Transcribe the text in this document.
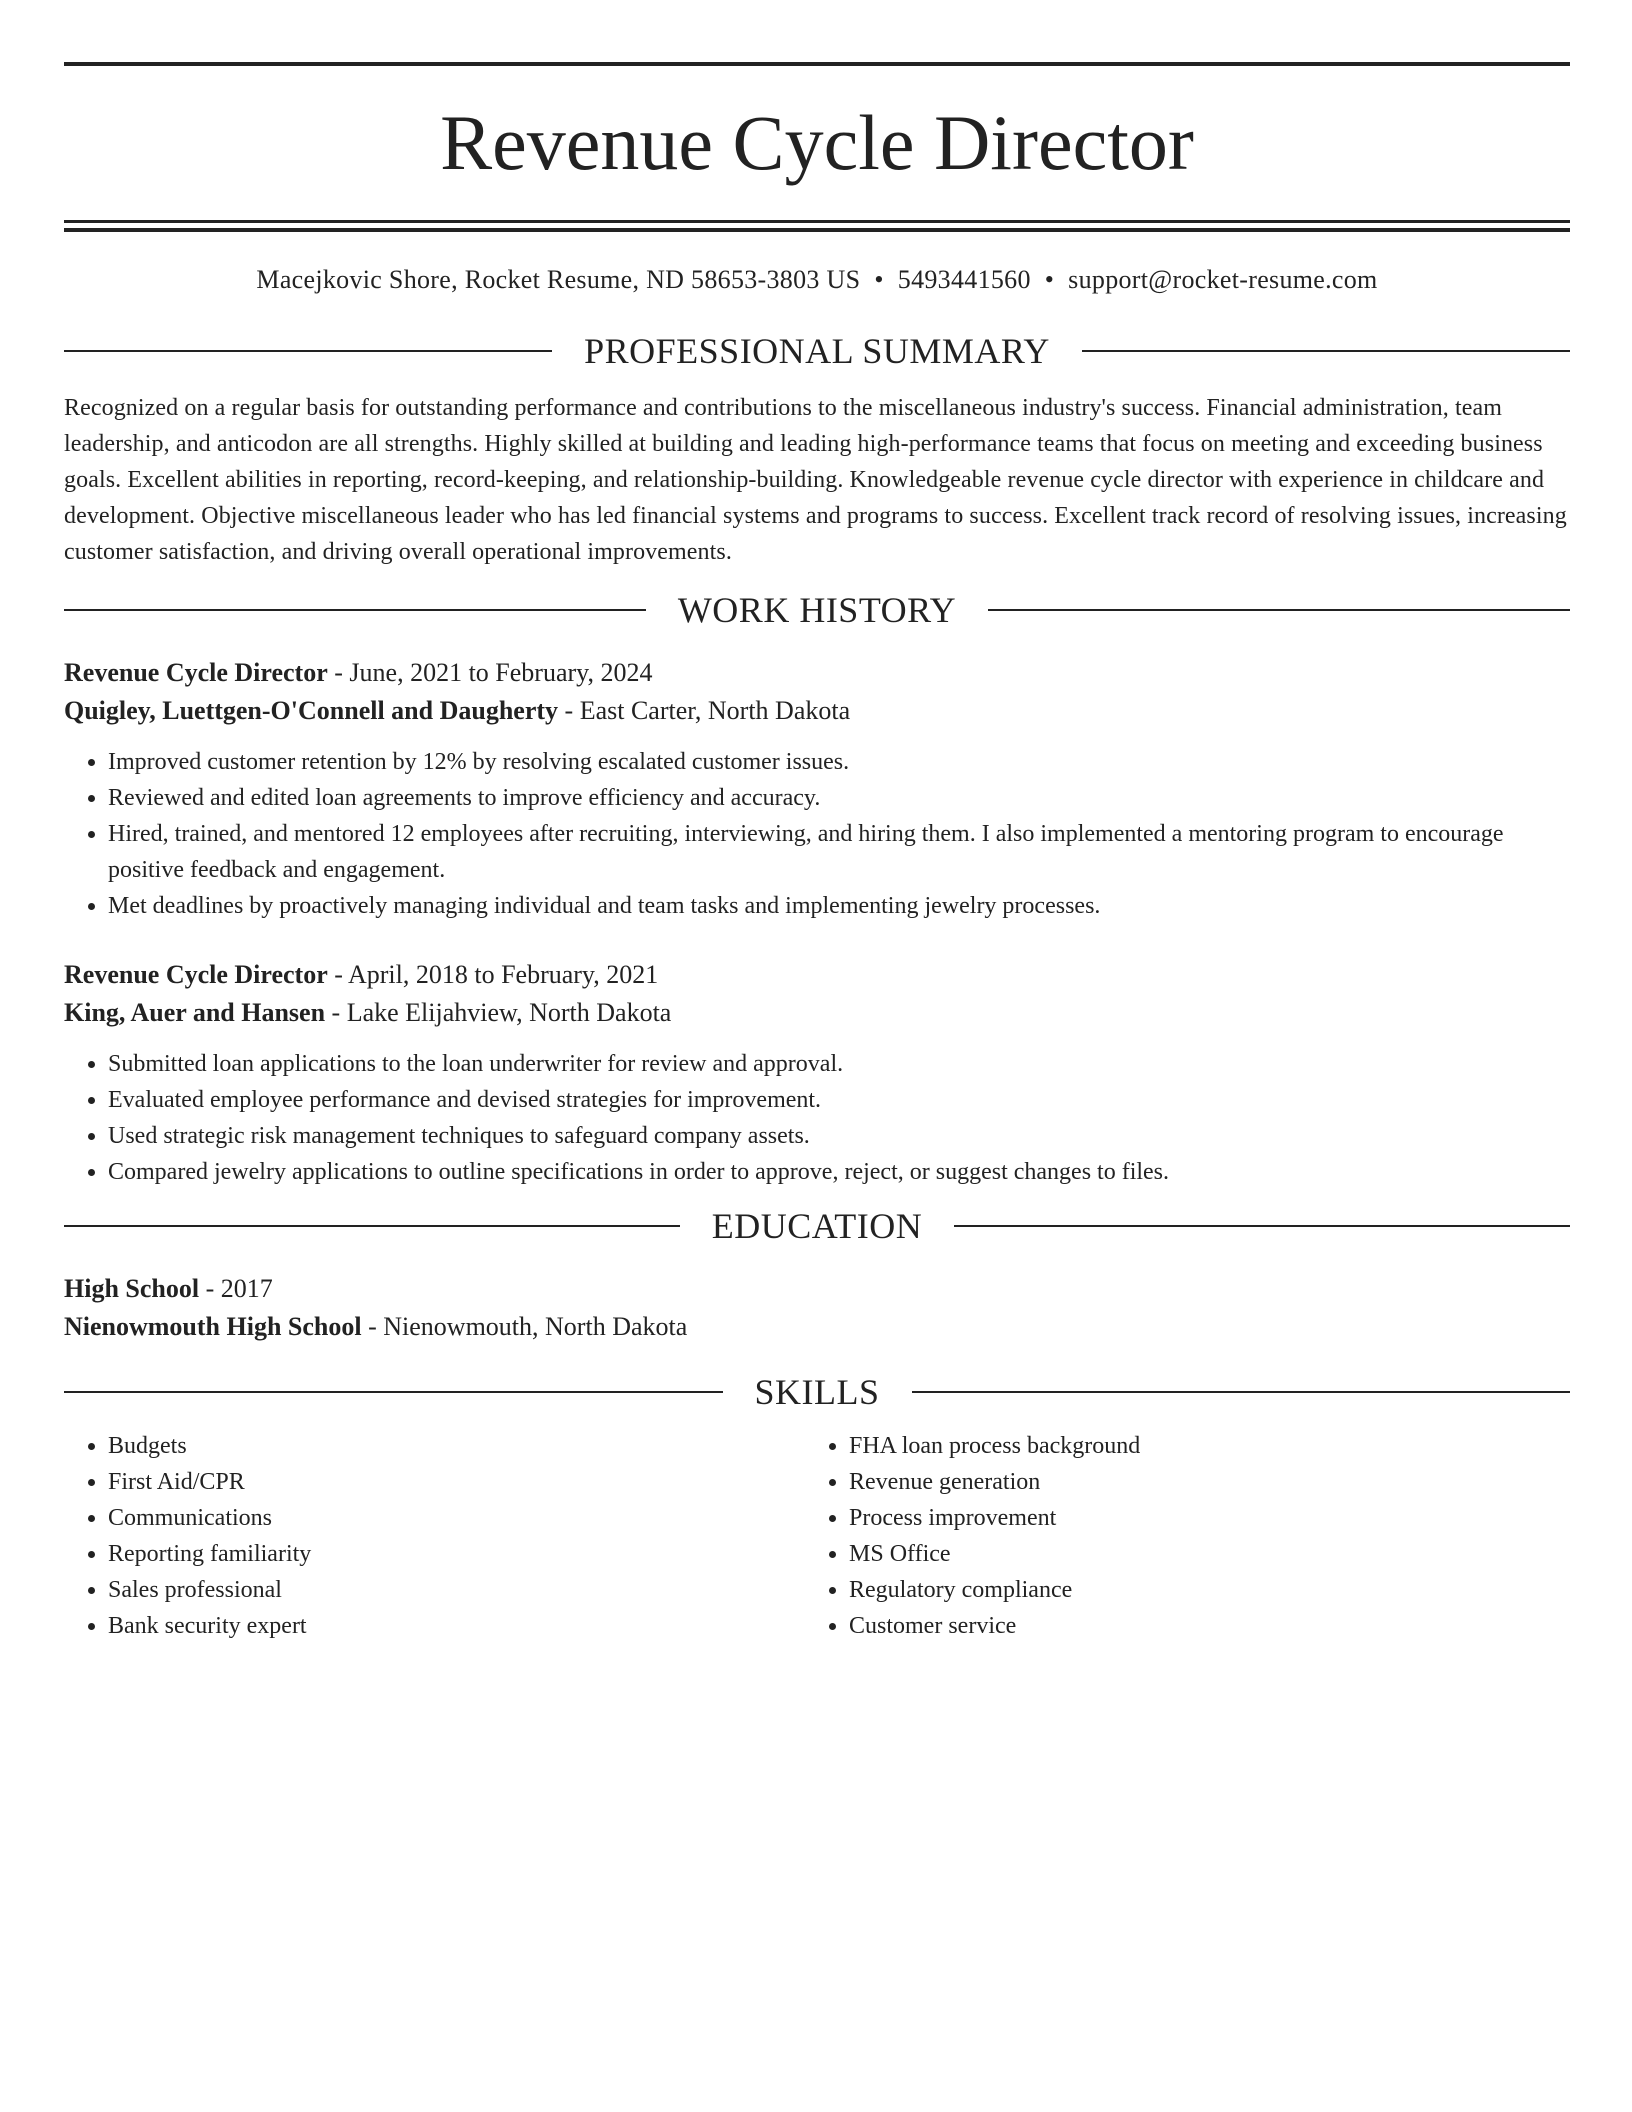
Revenue Cycle Director
Macejkovic Shore, Rocket Resume, ND 58653-3803 US • 5493441560 • support@rocket-resume.com
PROFESSIONAL SUMMARY

Recognized on a regular basis for outstanding performance and contributions to the miscellaneous industry's success. Financial administration, team leadership, and anticodon are all strengths. Highly skilled at building and leading high-performance teams that focus on meeting and exceeding business goals. Excellent abilities in reporting, record-keeping, and relationship-building. Knowledgeable revenue cycle director with experience in childcare and development. Objective miscellaneous leader who has led financial systems and programs to success. Excellent track record of resolving issues, increasing customer satisfaction, and driving overall operational improvements.

WORK HISTORY
Revenue Cycle Director - June, 2021 to February, 2024
Quigley, Luettgen-O'Connell and Daugherty - East Carter, North Dakota
• Improved customer retention by 12% by resolving escalated customer issues.
• Reviewed and edited loan agreements to improve efficiency and accuracy.
• Hired, trained, and mentored 12 employees after recruiting, interviewing, and hiring them. I also implemented a mentoring program to encourage positive feedback and engagement.
• Met deadlines by proactively managing individual and team tasks and implementing jewelry processes.
Revenue Cycle Director - April, 2018 to February, 2021
King, Auer and Hansen - Lake Elijahview, North Dakota
• Submitted loan applications to the loan underwriter for review and approval.
• Evaluated employee performance and devised strategies for improvement.
• Used strategic risk management techniques to safeguard company assets.
• Compared jewelry applications to outline specifications in order to approve, reject, or suggest changes to files.
EDUCATION
High School - 2017
Nienowmouth High School - Nienowmouth, North Dakota
SKILLS
• Budgets
• First Aid/CPR
• Communications
• Reporting familiarity
• Sales professional
• Bank security expert
• FHA loan process background
• Revenue generation
• Process improvement
• MS Office
• Regulatory compliance
• Customer service
